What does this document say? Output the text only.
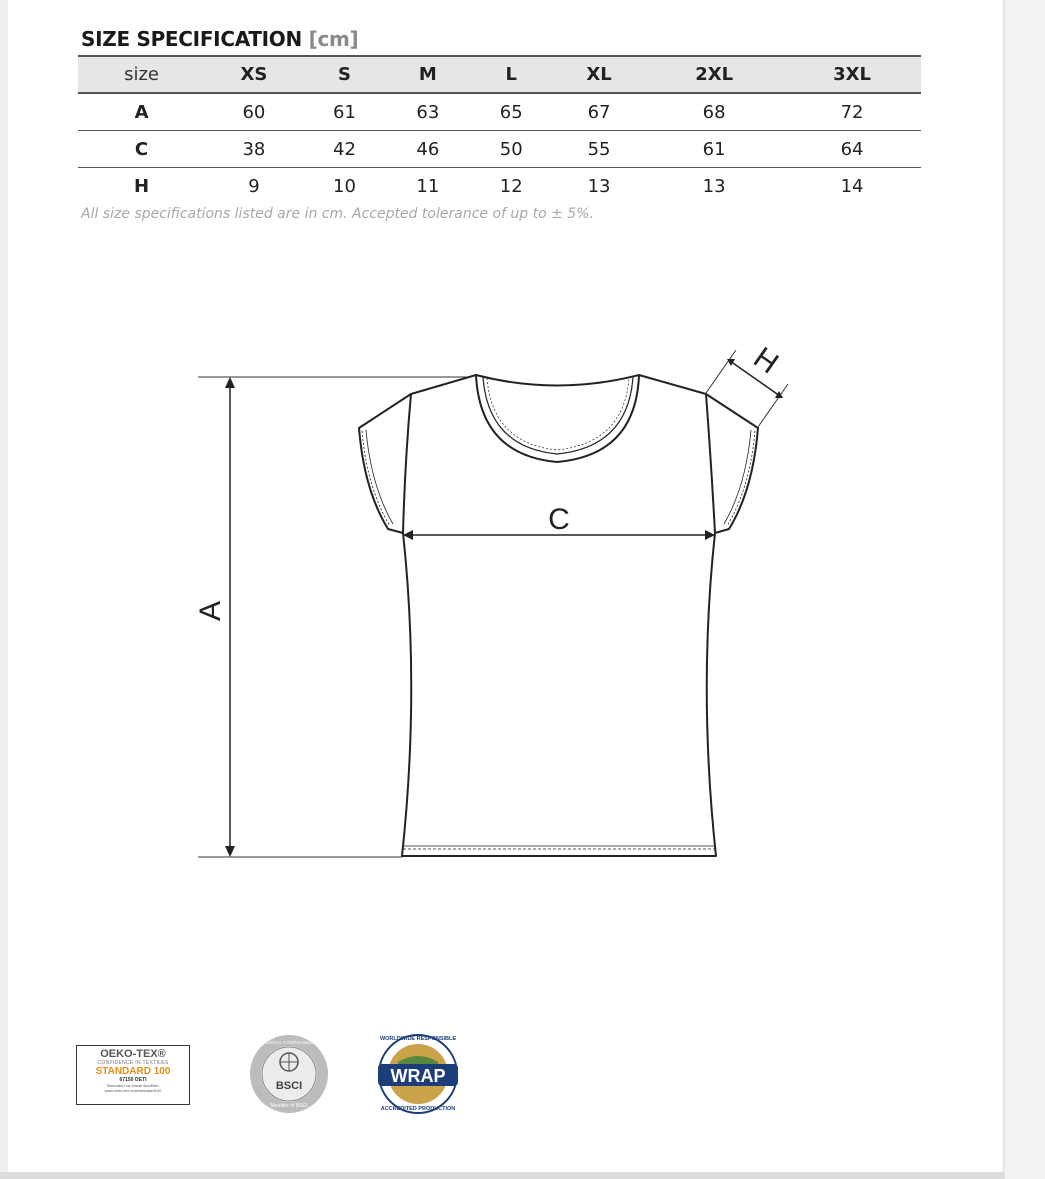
SIZE SPECIFICATION [cm]
size	XS	S	M	L	XL	2XL	3XL
A	60	61	63	65	67	68	72
C	38	42	46	50	55	61	64
H	9	10	11	12	13	13	14
All size specifications listed are in cm. Accepted tolerance of up to ± 5%.
A
C
H
BSCI
Member of BSCI
BUSINESS SOCIAL COMPLIANCE INITIATIVE
WRAP
WORLDWIDE RESPONSIBLE
ACCREDITED PRODUCTION
OEKO-TEX®
CONFIDENCE IN TEXTILES
STANDARD 100
67150 OETI
Testováno na obsah škodlivin.
www.oeko-tex.com/standard100
